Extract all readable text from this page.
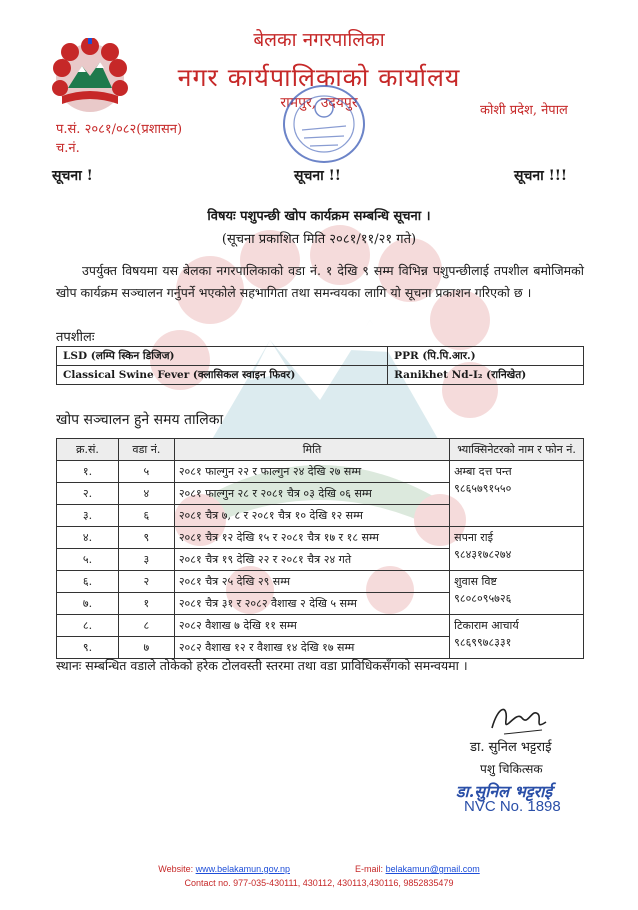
बेलका नगरपालिका
नगर कार्यपालिकाको कार्यालय
रामपुर, उदयपुर	कोशी प्रदेश, नेपाल
प.सं. २०८१/०८२(प्रशासन)
च.नं.
सूचना !	सूचना !!	सूचना !!!
विषयः पशुपन्छी खोप कार्यक्रम सम्बन्धि सूचना ।
(सूचना प्रकाशित मिति २०८१/११/२१ गते)
उपर्युक्त विषयमा यस बेलका नगरपालिकाको वडा नं. १ देखि ९ सम्म विभिन्न पशुपन्छीलाई तपशील बमोजिमको खोप कार्यक्रम सञ्चालन गर्नुपर्ने भएकोले सहभागिता तथा समन्वयका लागि यो सूचना प्रकाशन गरिएको छ ।
तपशीलः
LSD (लम्पि स्किन डिजिज)	PPR (पि.पि.आर.)
Classical Swine Fever (क्लासिकल स्वाइन फिवर)	Ranikhet Nd-I₂ (रानिखेत)
खोप सञ्चालन हुने समय तालिका
क्र.सं.	वडा नं.	मिति	भ्याक्सिनेटरको नाम र फोन नं.
१.	५	२०८१ फाल्गुन २२ र फाल्गुन २४ देखि २७ सम्म	अम्बा दत्त पन्त
९८६५७९१५५०

२.	४	२०८१ फाल्गुन २८ र २०८१ चैत्र ०३ देखि ०६ सम्म	
३.	६	२०८१ चैत्र ७, ८ र २०८१ चैत्र १० देखि १२ सम्म	
४.	९	२०८१ चैत्र १२ देखि १५ र २०८१ चैत्र १७ र १८ सम्म	सपना राई
९८४३१७८२७४

५.	३	२०८१ चैत्र १९ देखि २२ र २०८१ चैत्र २४ गते	
६.	२	२०८१ चैत्र २५ देखि २९ सम्म	शुवास विष्ट
९८०८०९५७२६

७.	१	२०८१ चैत्र ३१ र २०८२ वैशाख २ देखि ५ सम्म	
८.	८	२०८२ वैशाख ७ देखि ११ सम्म	टिकाराम आचार्य
९८६९९७८३३१

९.	७	२०८२ वैशाख १२ र वैशाख १४ देखि १७ सम्म	
स्थानः सम्बन्धित वडाले तोकेको हरेक टोलवस्ती स्तरमा तथा वडा प्राविधिकसँगको समन्वयमा ।
डा. सुनिल भट्टराई
पशु चिकित्सक
डा.सुनिल भट्टराई
NVC No. 1898
Website: www.belakamun.gov.np	E-mail: belakamun@gmail.com
Contact no. 977-035-430111, 430112, 430113,430116, 9852835479
